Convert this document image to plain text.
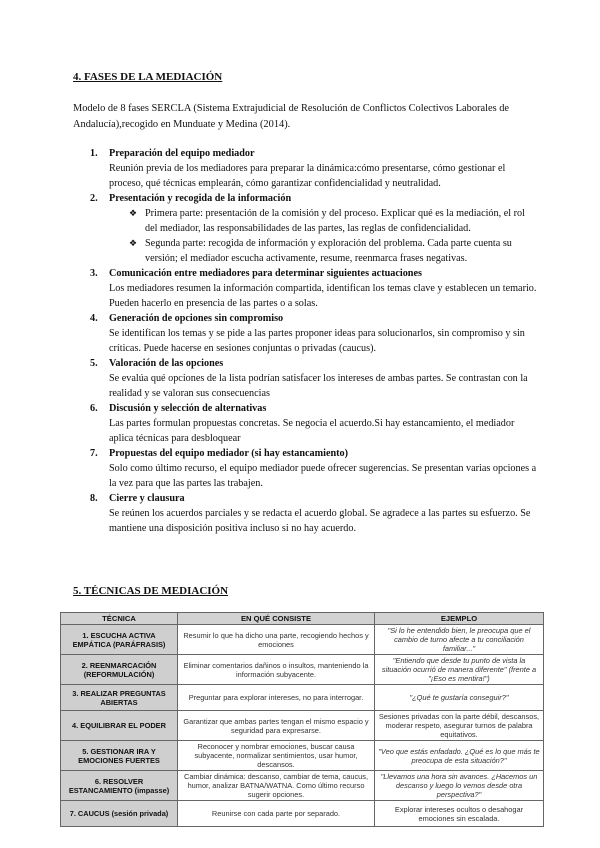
4. FASES DE LA MEDIACIÓN
Modelo de 8 fases SERCLA (Sistema Extrajudicial de Resolución de Conflictos Colectivos Laborales de Andalucía),recogido en Munduate y Medina (2014).
1. Preparación del equipo mediador
Reunión previa de los mediadores para preparar la dinámica:cómo presentarse, cómo gestionar el proceso, qué técnicas emplearán, cómo garantizar confidencialidad y neutralidad.
2. Presentación y recogida de la información
❖ Primera parte: presentación de la comisión y del proceso. Explicar qué es la mediación, el rol del mediador, las responsabilidades de las partes, las reglas de confidencialidad.
❖ Segunda parte: recogida de información y exploración del problema. Cada parte cuenta su versión; el mediador escucha activamente, resume, reenmarca frases negativas.
3. Comunicación entre mediadores para determinar siguientes actuaciones
Los mediadores resumen la información compartida, identifican los temas clave y establecen un temario. Pueden hacerlo en presencia de las partes o a solas.
4. Generación de opciones sin compromiso
Se identifican los temas y se pide a las partes proponer ideas para solucionarlos, sin compromiso y sin críticas. Puede hacerse en sesiones conjuntas o privadas (caucus).
5. Valoración de las opciones
Se evalúa qué opciones de la lista podrían satisfacer los intereses de ambas partes. Se contrastan con la realidad y se valoran sus consecuencias
6. Discusión y selección de alternativas
Las partes formulan propuestas concretas. Se negocia el acuerdo.Si hay estancamiento, el mediador aplica técnicas para desbloquear
7. Propuestas del equipo mediador (si hay estancamiento)
Solo como último recurso, el equipo mediador puede ofrecer sugerencias. Se presentan varias opciones a la vez para que las partes las trabajen.
8. Cierre y clausura
Se reúnen los acuerdos parciales y se redacta el acuerdo global. Se agradece a las partes su esfuerzo. Se mantiene una disposición positiva incluso si no hay acuerdo.
5. TÉCNICAS DE MEDIACIÓN
TÉCNICA	EN QUÉ CONSISTE	EJEMPLO
1. ESCUCHA ACTIVA EMPÁTICA (PARÁFRASIS)	Resumir lo que ha dicho una parte, recogiendo hechos y emociones	"Si lo he entendido bien, le preocupa que el cambio de turno afecte a tu conciliación familiar..."
2. REENMARCACIÓN (REFORMULACIÓN)	Eliminar comentarios dañinos o insultos, manteniendo la información subyacente.	"Entiendo que desde tu punto de vista la situación ocurrió de manera diferente" (frente a "¡Eso es mentira!")
3. REALIZAR PREGUNTAS ABIERTAS	Preguntar para explorar intereses, no para interrogar.	"¿Qué te gustaría conseguir?"
4. EQUILIBRAR EL PODER	Garantizar que ambas partes tengan el mismo espacio y seguridad para expresarse.	Sesiones privadas con la parte débil, descansos, moderar respeto, asegurar turnos de palabra equitativos.
5. GESTIONAR IRA Y EMOCIONES FUERTES	Reconocer y nombrar emociones, buscar causa subyacente, normalizar sentimientos, usar humor, descansos.	"Veo que estás enfadado. ¿Qué es lo que más te preocupa de esta situación?"
6. RESOLVER ESTANCAMIENTO (impasse)	Cambiar dinámica: descanso, cambiar de tema, caucus, humor, analizar BATNA/WATNA. Como último recurso sugerir opciones.	"Llevamos una hora sin avances. ¿Hacemos un descanso y luego lo vemos desde otra perspectiva?"
7. CAUCUS (sesión privada)	Reunirse con cada parte por separado.	Explorar intereses ocultos o desahogar emociones sin escalada.
